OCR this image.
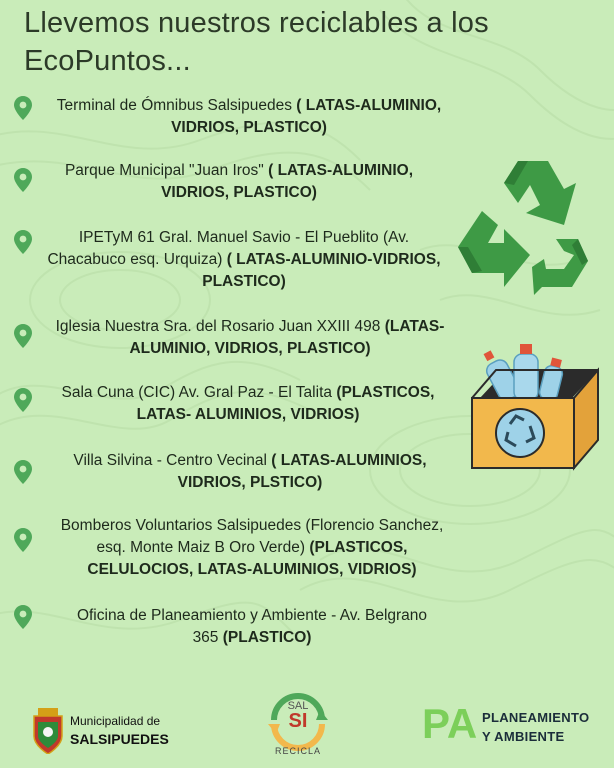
Llevemos nuestros reciclables a los EcoPuntos...
Terminal de Ómnibus Salsipuedes ( LATAS-ALUMINIO, VIDRIOS, PLASTICO)
Parque Municipal "Juan Iros" ( LATAS-ALUMINIO, VIDRIOS, PLASTICO)
IPETyM 61 Gral. Manuel Savio - El Pueblito (Av. Chacabuco esq. Urquiza) ( LATAS-ALUMINIO-VIDRIOS, PLASTICO)
Iglesia Nuestra Sra. del Rosario Juan XXIII 498 (LATAS-ALUMINIO, VIDRIOS, PLASTICO)
Sala Cuna (CIC) Av. Gral Paz - El Talita (PLASTICOS, LATAS- ALUMINIOS, VIDRIOS)
Villa Silvina - Centro Vecinal ( LATAS-ALUMINIOS, VIDRIOS, PLSTICO)
Bomberos Voluntarios Salsipuedes (Florencio Sanchez, esq. Monte Maiz B Oro Verde) (PLASTICOS, CELULOCIOS, LATAS-ALUMINIOS, VIDRIOS)
Oficina de Planeamiento y Ambiente - Av. Belgrano 365 (PLASTICO)
Municipalidad de
SALSIPUEDES
SAL
SI
RECICLA
PA PLANEAMIENTO
Y AMBIENTE
